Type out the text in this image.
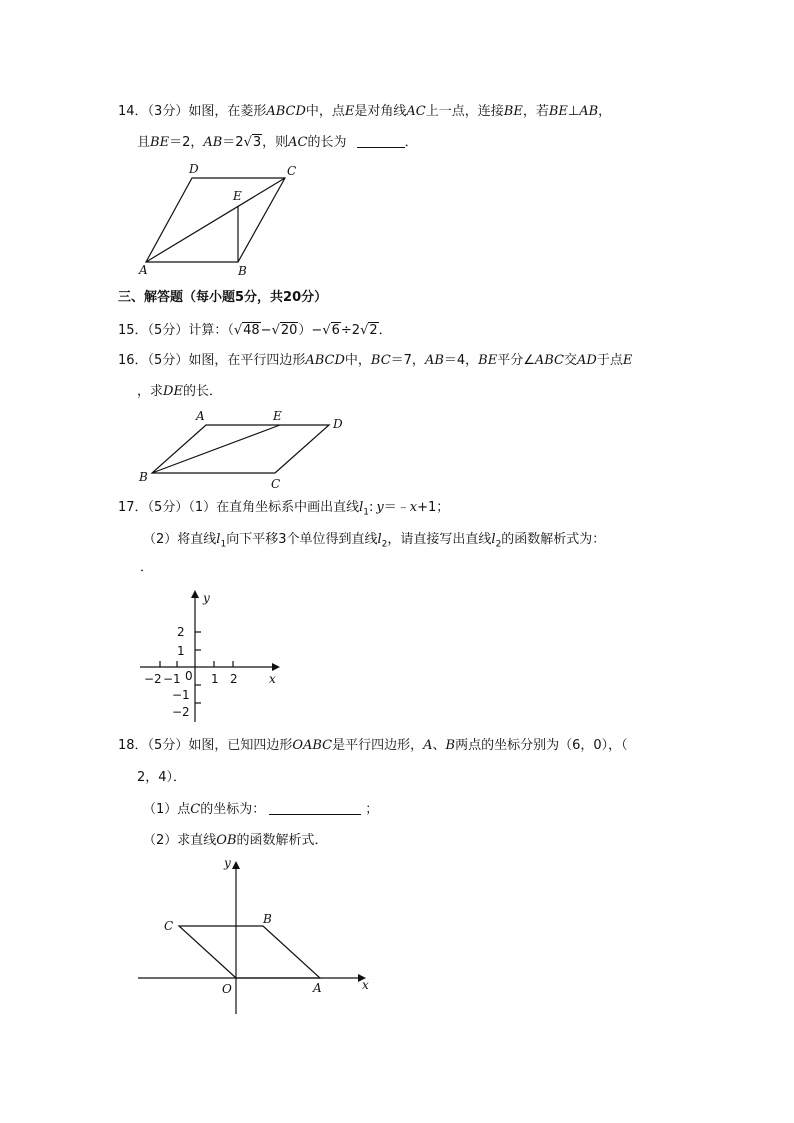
14．（3分）如图，在菱形ABCD中，点E是对角线AC上一点，连接BE，若BE⊥AB，
且BE＝2，AB＝2√3，则AC的长为	．
A	B
C
D
E
三、解答题（每小题5分，共20分）
15．（5分）计算：（√48−√20）−√6÷2√2．
16．（5分）如图，在平行四边形ABCD中，BC＝7，AB＝4，BE平分∠ABC交AD于点E
，求DE的长．
A
B	C
D
E
17．（5分）（1）在直角坐标系中画出直线$l_1$: y＝﹣x+1；
（2）将直线$l_1$向下平移3个单位得到直线$l_2$，请直接写出直线$l_2$的函数解析式为：
．
y
x
0
2
1
−1
−2
−2 −1	1 2
18．（5分）如图，已知四边形OABC是平行四边形，A、B两点的坐标分别为（6，0），（
2，4）．
（1）点C的坐标为：	；
（2）求直线OB的函数解析式．
y
x
O	A
B
C
